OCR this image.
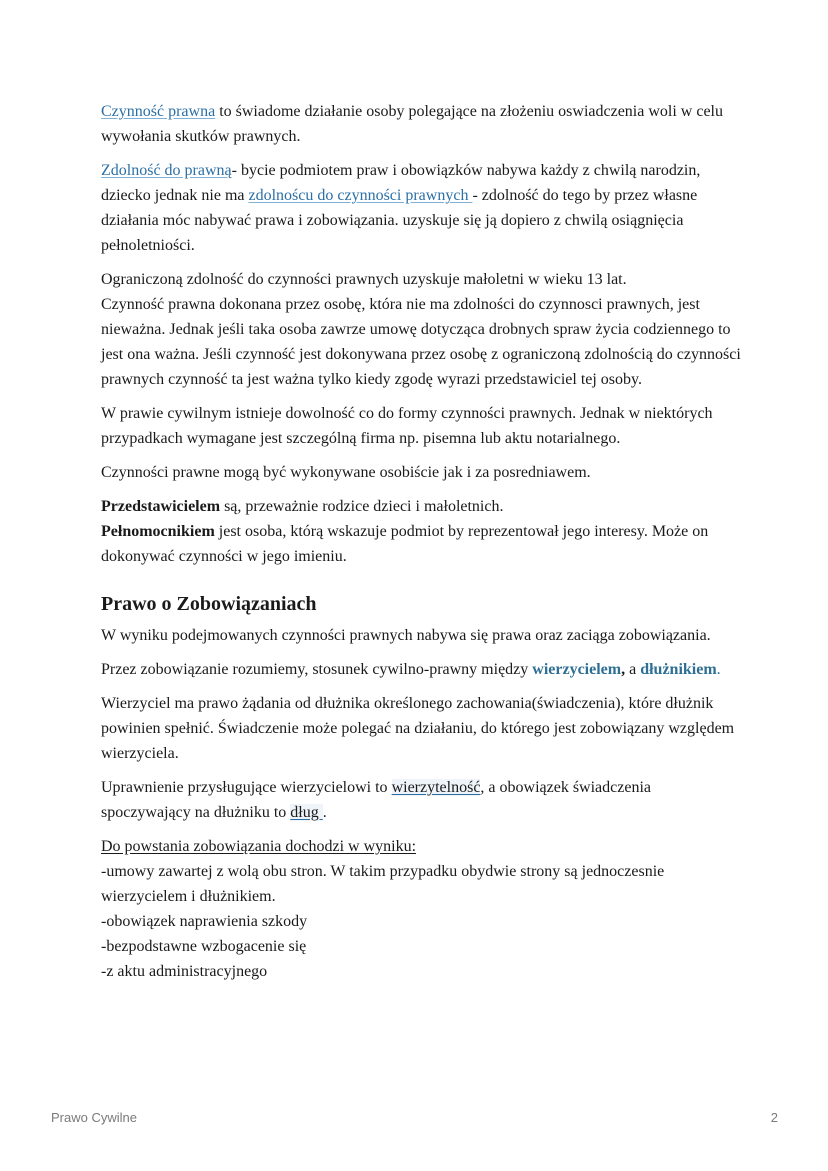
Czynność prawna to świadome działanie osoby polegające na złożeniu oswiadczenia woli w celu wywołania skutków prawnych.

Zdolność do prawną- bycie podmiotem praw i obowiązków nabywa każdy z chwilą narodzin, dziecko jednak nie ma zdolnoścu do czynności prawnych - zdolność do tego by przez własne działania móc nabywać prawa i zobowiązania. uzyskuje się ją dopiero z chwilą osiągnięcia pełnoletniości.

Ograniczoną zdolność do czynności prawnych uzyskuje małoletni w wieku 13 lat.
Czynność prawna dokonana przez osobę, która nie ma zdolności do czynnosci prawnych, jest nieważna. Jednak jeśli taka osoba zawrze umowę dotycząca drobnych spraw życia codziennego to jest ona ważna. Jeśli czynność jest dokonywana przez osobę z ograniczoną zdolnością do czynności prawnych czynność ta jest ważna tylko kiedy zgodę wyrazi przedstawiciel tej osoby.

W prawie cywilnym istnieje dowolność co do formy czynności prawnych. Jednak w niektórych przypadkach wymagane jest szczególną firma np. pisemna lub aktu notarialnego.

Czynności prawne mogą być wykonywane osobiście jak i za posredniawem.

Przedstawicielem są, przeważnie rodzice dzieci i małoletnich.
Pełnomocnikiem jest osoba, którą wskazuje podmiot by reprezentował jego interesy. Może on dokonywać czynności w jego imieniu.

Prawo o Zobowiązaniach

W wyniku podejmowanych czynności prawnych nabywa się prawa oraz zaciąga zobowiązania.

Przez zobowiązanie rozumiemy, stosunek cywilno-prawny między wierzycielem, a dłużnikiem.

Wierzyciel ma prawo żądania od dłużnika określonego zachowania(świadczenia), które dłużnik powinien spełnić. Świadczenie może polegać na działaniu, do którego jest zobowiązany względem wierzyciela.

Uprawnienie przysługujące wierzycielowi to wierzytelność, a obowiązek świadczenia spoczywający na dłużniku to dług .

Do powstania zobowiązania dochodzi w wyniku:
-umowy zawartej z wolą obu stron. W takim przypadku obydwie strony są jednoczesnie wierzycielem i dłużnikiem.
-obowiązek naprawienia szkody
-bezpodstawne wzbogacenie się
-z aktu administracyjnego

Prawo Cywilne	2
